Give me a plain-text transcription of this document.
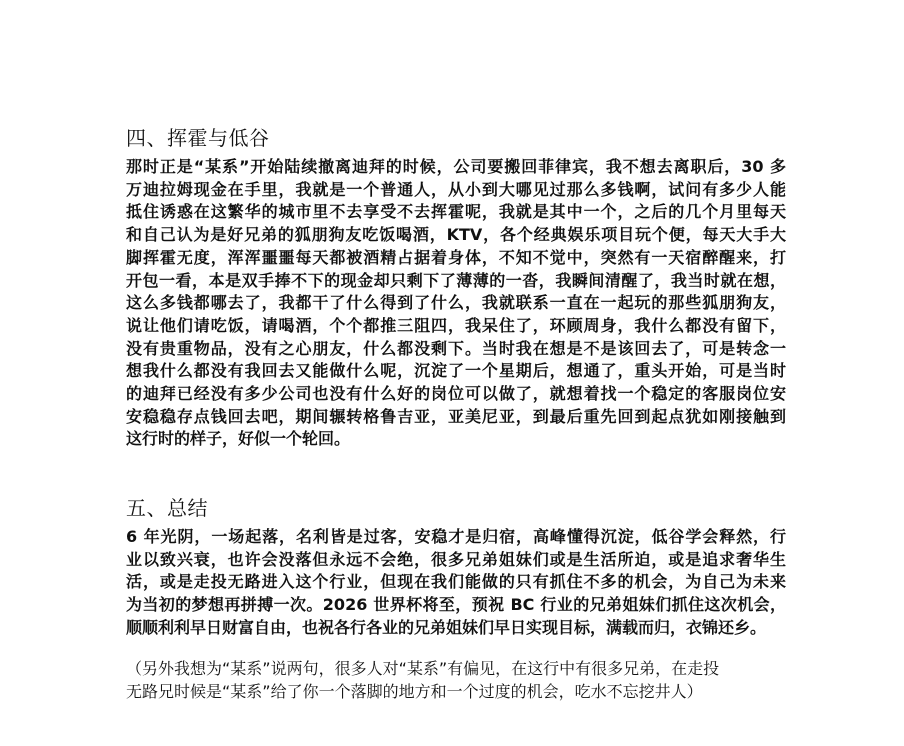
四、挥霍与低谷
那时正是“某系”开始陆续撤离迪拜的时候，公司要搬回菲律宾，我不想去离职后，30 多
万迪拉姆现金在手里，我就是一个普通人，从小到大哪见过那么多钱啊，试问有多少人能
抵住诱惑在这繁华的城市里不去享受不去挥霍呢，我就是其中一个，之后的几个月里每天
和自己认为是好兄弟的狐朋狗友吃饭喝酒，KTV，各个经典娱乐项目玩个便，每天大手大
脚挥霍无度，浑浑噩噩每天都被酒精占据着身体，不知不觉中，突然有一天宿醉醒来，打
开包一看，本是双手捧不下的现金却只剩下了薄薄的一沓，我瞬间清醒了，我当时就在想，
这么多钱都哪去了，我都干了什么得到了什么，我就联系一直在一起玩的那些狐朋狗友，
说让他们请吃饭，请喝酒，个个都推三阻四，我呆住了，环顾周身，我什么都没有留下，
没有贵重物品，没有之心朋友，什么都没剩下。当时我在想是不是该回去了，可是转念一
想我什么都没有我回去又能做什么呢，沉淀了一个星期后，想通了，重头开始，可是当时
的迪拜已经没有多少公司也没有什么好的岗位可以做了，就想着找一个稳定的客服岗位安
安稳稳存点钱回去吧，期间辗转格鲁吉亚，亚美尼亚，到最后重先回到起点犹如刚接触到
这行时的样子，好似一个轮回。
五、总结
6 年光阴，一场起落，名利皆是过客，安稳才是归宿，高峰懂得沉淀，低谷学会释然，行
业以致兴衰，也许会没落但永远不会绝，很多兄弟姐妹们或是生活所迫，或是追求奢华生
活，或是走投无路进入这个行业，但现在我们能做的只有抓住不多的机会，为自己为未来
为当初的梦想再拼搏一次。2026 世界杯将至，预祝 BC 行业的兄弟姐妹们抓住这次机会，
顺顺利利早日财富自由，也祝各行各业的兄弟姐妹们早日实现目标，满载而归，衣锦还乡。
（另外我想为“某系”说两句，很多人对“某系”有偏见，在这行中有很多兄弟，在走投
无路兄时候是“某系”给了你一个落脚的地方和一个过度的机会，吃水不忘挖井人）
